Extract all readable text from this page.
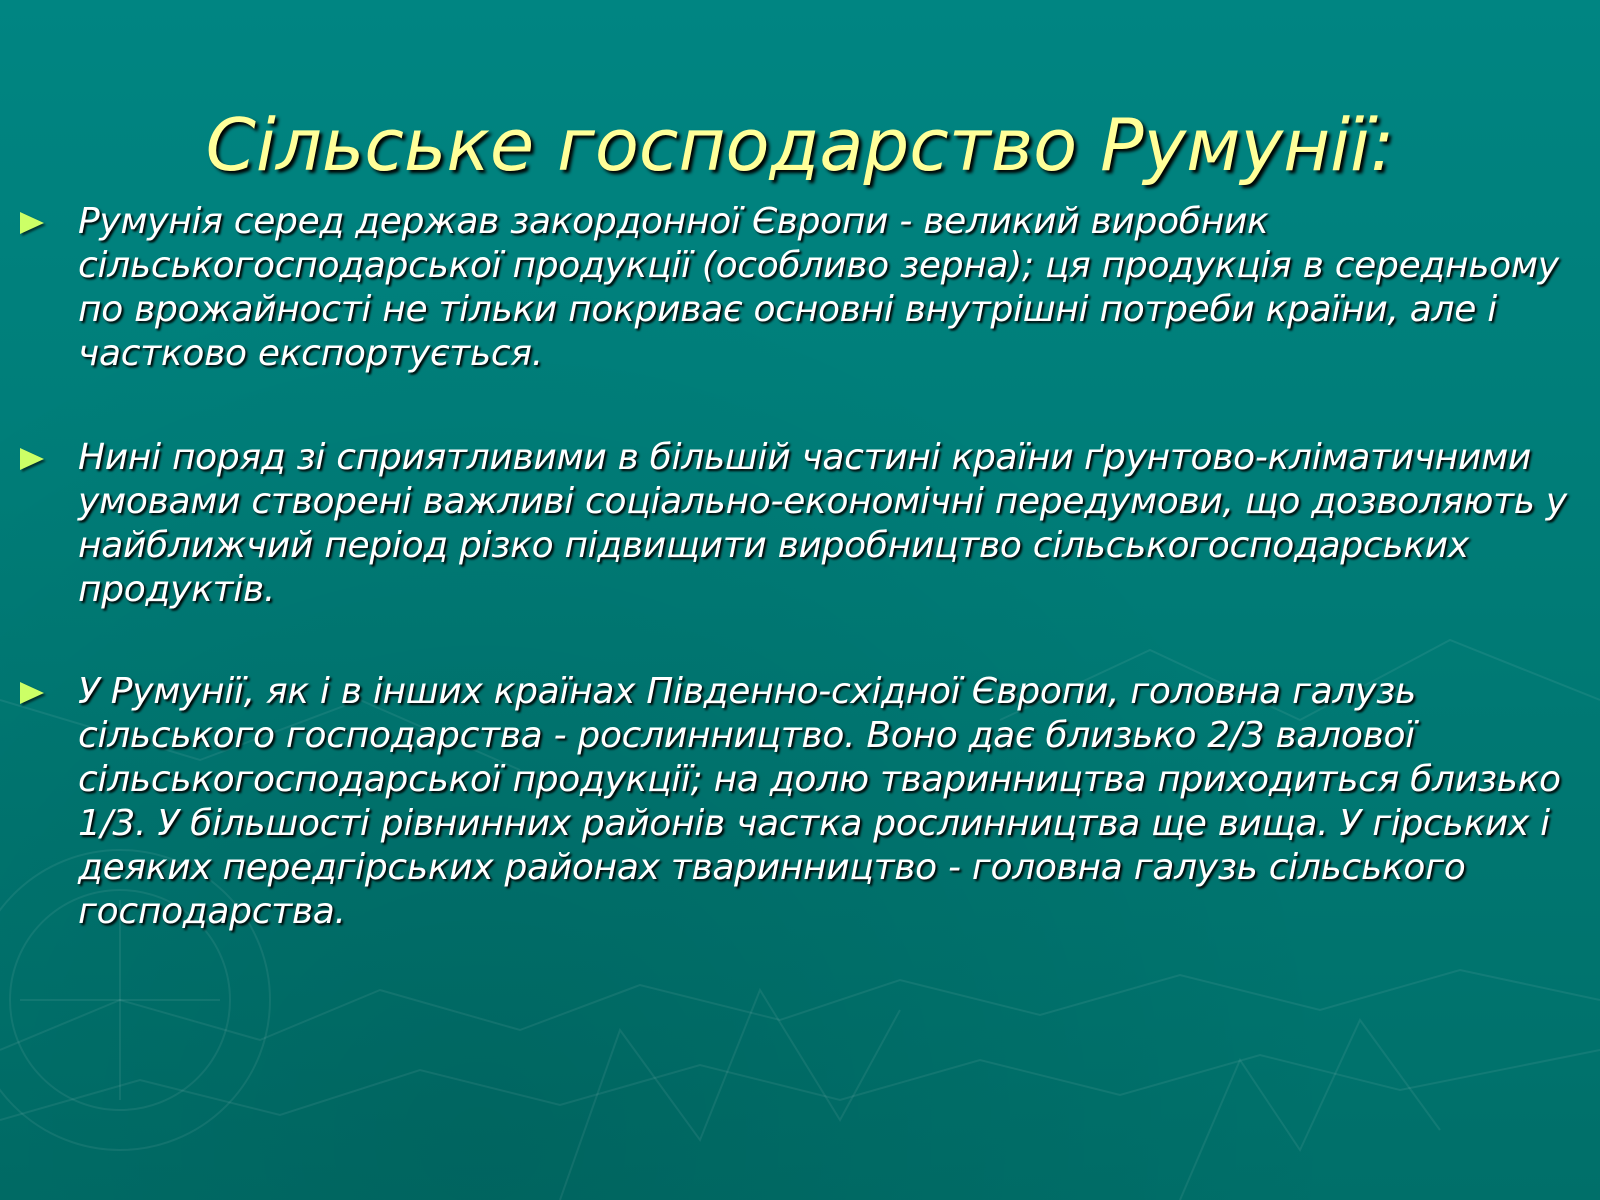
Сільське господарство Румунії:
Румунія серед держав закордонної Європи - великий виробник сільськогосподарської продукції (особливо зерна); ця продукція в середньому по врожайності не тільки покриває основні внутрішні потреби країни, але і частково експортується.
Нині поряд зі сприятливими в більшій частині країни ґрунтово-кліматичними умовами створені важливі соціально-економічні передумови, що дозволяють у найближчий період різко підвищити виробництво сільськогосподарських продуктів.
У Румунії, як і в інших країнах Південно-східної Європи, головна галузь сільського господарства - рослинництво. Воно дає близько 2/3 валової сільськогосподарської продукції; на долю тваринництва приходиться близько 1/3. У більшості рівнинних районів частка рослинництва ще вища. У гірських і деяких передгірських районах тваринництво - головна галузь сільського господарства.
